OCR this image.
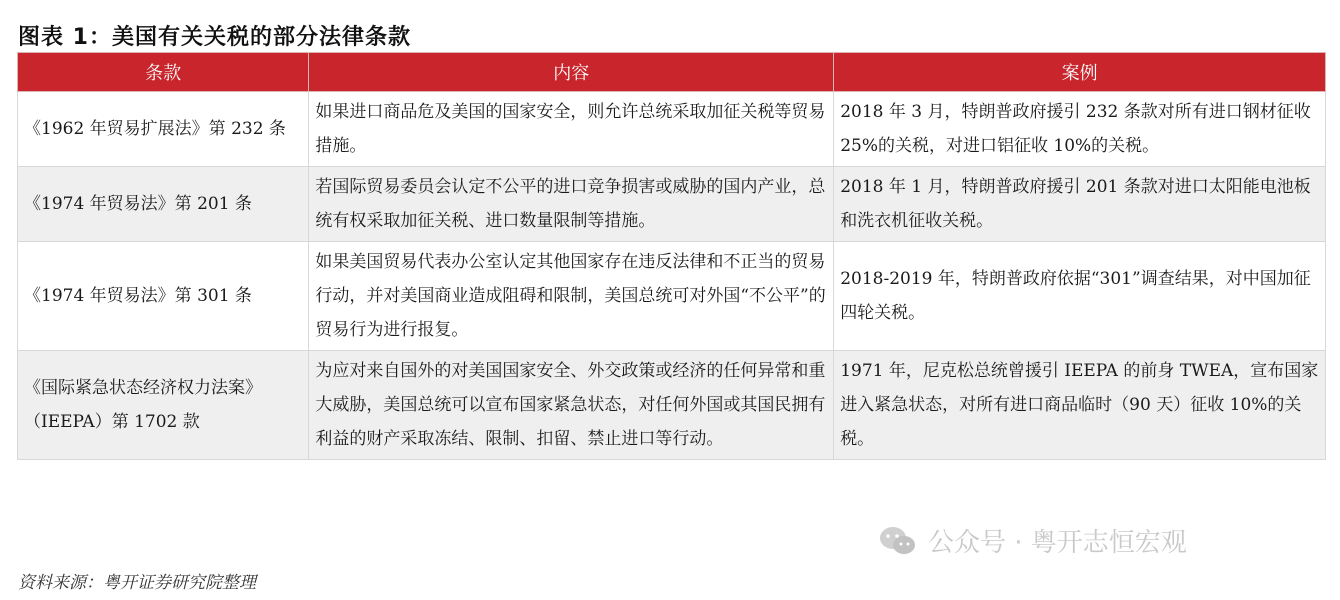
图表 1：美国有关关税的部分法律条款
条款	内容	案例
《1962 年贸易扩展法》第 232 条	如果进口商品危及美国的国家安全，则允许总统采取加征关税等贸易措施。	2018 年 3 月，特朗普政府援引 232 条款对所有进口钢材征收 25%的关税，对进口铝征收 10%的关税。
《1974 年贸易法》第 201 条	若国际贸易委员会认定不公平的进口竞争损害或威胁的国内产业，总统有权采取加征关税、进口数量限制等措施。	2018 年 1 月，特朗普政府援引 201 条款对进口太阳能电池板和洗衣机征收关税。
《1974 年贸易法》第 301 条	如果美国贸易代表办公室认定其他国家存在违反法律和不正当的贸易行动，并对美国商业造成阻碍和限制，美国总统可对外国“不公平”的贸易行为进行报复。	2018-2019 年，特朗普政府依据“301”调查结果，对中国加征四轮关税。
《国际紧急状态经济权力法案》（IEEPA）第 1702 款	为应对来自国外的对美国国家安全、外交政策或经济的任何异常和重大威胁，美国总统可以宣布国家紧急状态，对任何外国或其国民拥有利益的财产采取冻结、限制、扣留、禁止进口等行动。	1971 年，尼克松总统曾援引 IEEPA 的前身 TWEA，宣布国家进入紧急状态，对所有进口商品临时（90 天）征收 10%的关税。
公众号 · 粤开志恒宏观
资料来源：粤开证券研究院整理
